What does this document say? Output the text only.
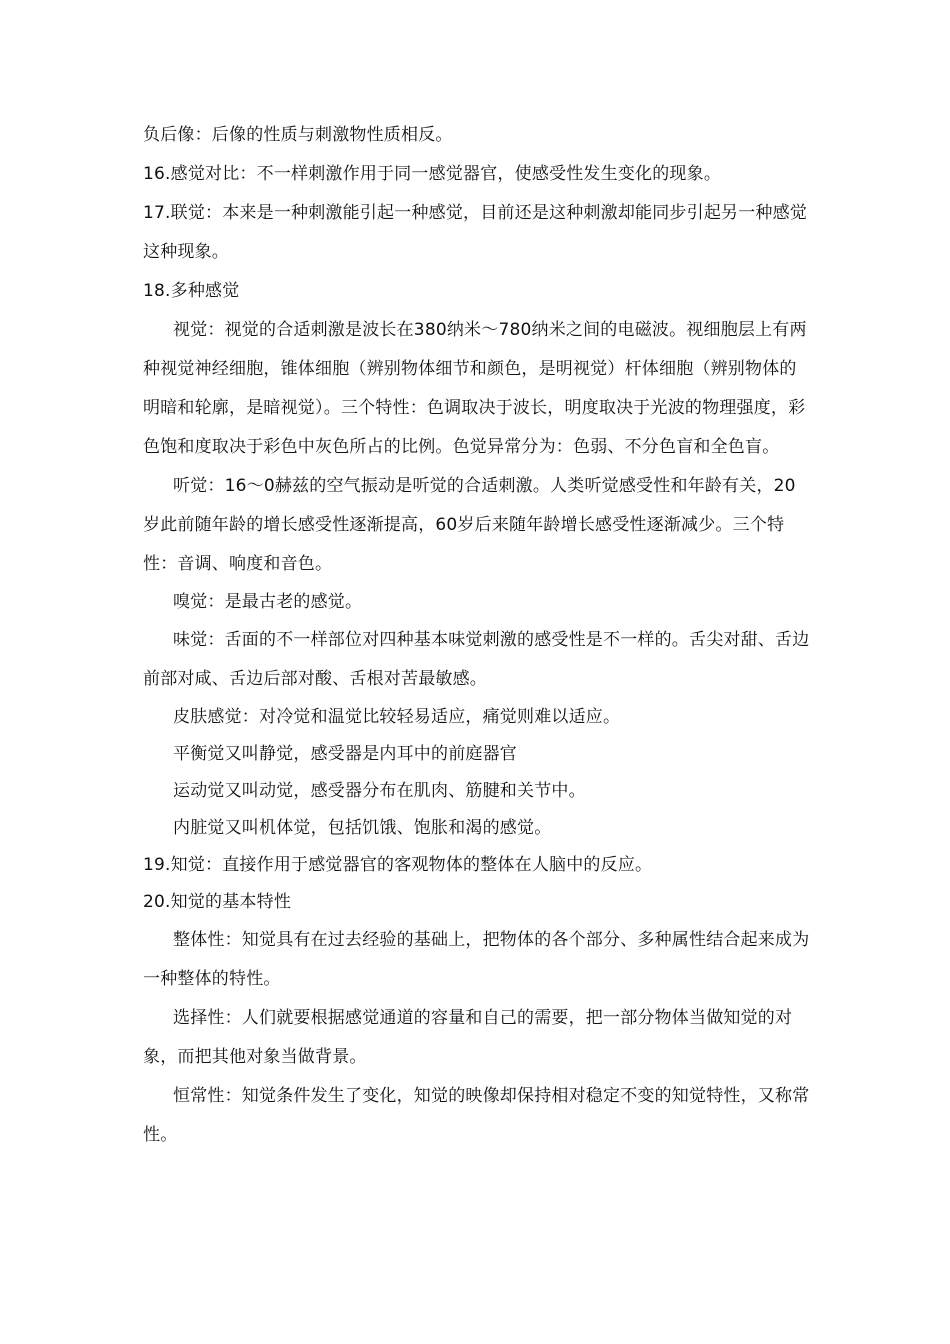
负后像：后像的性质与刺激物性质相反。

16.感觉对比：不一样刺激作用于同一感觉器官，使感受性发生变化的现象。

17.联觉：本来是一种刺激能引起一种感觉，目前还是这种刺激却能同步引起另一种感觉这种现象。

18.多种感觉

视觉：视觉的合适刺激是波长在380纳米～780纳米之间的电磁波。视细胞层上有两种视觉神经细胞，锥体细胞（辨别物体细节和颜色，是明视觉）杆体细胞（辨别物体的明暗和轮廓，是暗视觉）。三个特性：色调取决于波长，明度取决于光波的物理强度，彩色饱和度取决于彩色中灰色所占的比例。色觉异常分为：色弱、不分色盲和全色盲。

听觉：16～0赫兹的空气振动是听觉的合适刺激。人类听觉感受性和年龄有关，20岁此前随年龄的增长感受性逐渐提高，60岁后来随年龄增长感受性逐渐减少。三个特性：音调、响度和音色。

嗅觉：是最古老的感觉。

味觉：舌面的不一样部位对四种基本味觉刺激的感受性是不一样的。舌尖对甜、舌边前部对咸、舌边后部对酸、舌根对苦最敏感。

皮肤感觉：对冷觉和温觉比较轻易适应，痛觉则难以适应。

平衡觉又叫静觉，感受器是内耳中的前庭器官

运动觉又叫动觉，感受器分布在肌肉、筋腱和关节中。

内脏觉又叫机体觉，包括饥饿、饱胀和渴的感觉。

19.知觉：直接作用于感觉器官的客观物体的整体在人脑中的反应。

20.知觉的基本特性

整体性：知觉具有在过去经验的基础上，把物体的各个部分、多种属性结合起来成为一种整体的特性。

选择性：人们就要根据感觉通道的容量和自己的需要，把一部分物体当做知觉的对象，而把其他对象当做背景。

恒常性：知觉条件发生了变化，知觉的映像却保持相对稳定不变的知觉特性，又称常性。
